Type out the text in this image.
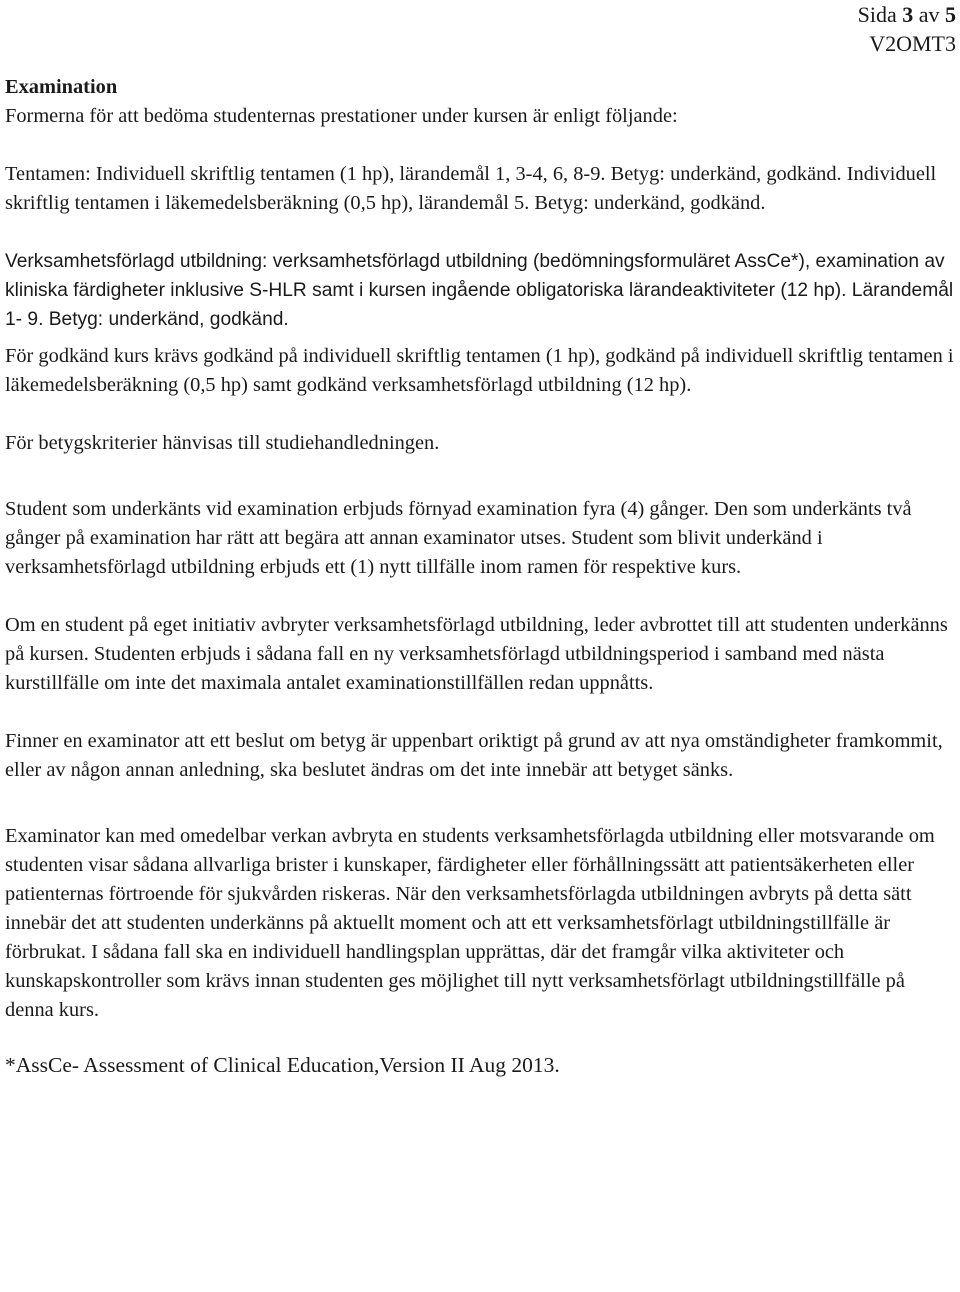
Sida 3 av 5
V2OMT3

Examination

Formerna för att bedöma studenternas prestationer under kursen är enligt följande:

Tentamen: Individuell skriftlig tentamen (1 hp), lärandemål 1, 3-4, 6, 8-9. Betyg: underkänd, godkänd. Individuell skriftlig tentamen i läkemedelsberäkning (0,5 hp), lärandemål 5. Betyg: underkänd, godkänd.

Verksamhetsförlagd utbildning: verksamhetsförlagd utbildning (bedömningsformuläret AssCe*), examination av kliniska färdigheter inklusive S-HLR samt i kursen ingående obligatoriska lärandeaktiviteter (12 hp). Lärandemål 1- 9. Betyg: underkänd, godkänd.

För godkänd kurs krävs godkänd på individuell skriftlig tentamen (1 hp), godkänd på individuell skriftlig tentamen i läkemedelsberäkning (0,5 hp) samt godkänd verksamhetsförlagd utbildning (12 hp).

För betygskriterier hänvisas till studiehandledningen.

Student som underkänts vid examination erbjuds förnyad examination fyra (4) gånger. Den som underkänts två gånger på examination har rätt att begära att annan examinator utses. Student som blivit underkänd i verksamhetsförlagd utbildning erbjuds ett (1) nytt tillfälle inom ramen för respektive kurs.

Om en student på eget initiativ avbryter verksamhetsförlagd utbildning, leder avbrottet till att studenten underkänns på kursen. Studenten erbjuds i sådana fall en ny verksamhetsförlagd utbildningsperiod i samband med nästa kurstillfälle om inte det maximala antalet examinationstillfällen redan uppnåtts.

Finner en examinator att ett beslut om betyg är uppenbart oriktigt på grund av att nya omständigheter framkommit, eller av någon annan anledning, ska beslutet ändras om det inte innebär att betyget sänks.

Examinator kan med omedelbar verkan avbryta en students verksamhetsförlagda utbildning eller motsvarande om studenten visar sådana allvarliga brister i kunskaper, färdigheter eller förhållningssätt att patientsäkerheten eller patienternas förtroende för sjukvården riskeras. När den verksamhetsförlagda utbildningen avbryts på detta sätt innebär det att studenten underkänns på aktuellt moment och att ett verksamhetsförlagt utbildningstillfälle är förbrukat. I sådana fall ska en individuell handlingsplan upprättas, där det framgår vilka aktiviteter och kunskapskontroller som krävs innan studenten ges möjlighet till nytt verksamhetsförlagt utbildningstillfälle på denna kurs.

*AssCe- Assessment of Clinical Education,Version II Aug 2013.
